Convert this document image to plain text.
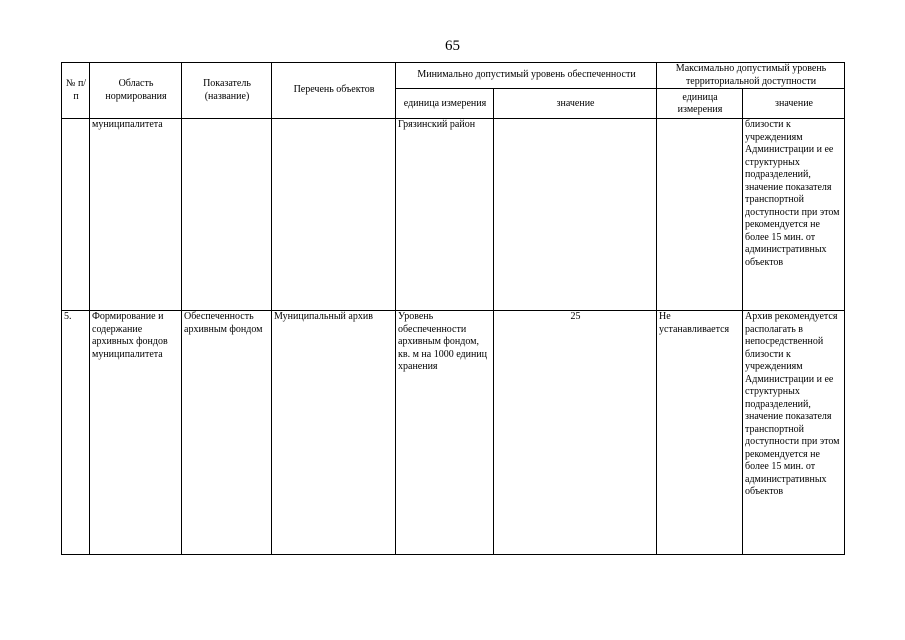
65
№ п/п	Область нормирования	Показатель (название)	Перечень объектов	Минимально допустимый уровень обеспеченности		Максимально допустимый уровень территориальной доступности	
				единица измерения	значение	единица измерения	значение
	муниципалитета			Грязинский район			близости к учреждениям Администрации и ее структурных подразделений, значение показателя транспортной доступности при этом рекомендуется не более 15 мин. от административных объектов
5.	Формирование и содержание архивных фондов муниципалитета	Обеспеченность архивным фондом	Муниципальный архив	Уровень обеспеченности архивным фондом, кв. м на 1000 единиц хранения	25	Не устанавливается	Архив рекомендуется располагать в непосредственной близости к учреждениям Администрации и ее структурных подразделений, значение показателя транспортной доступности при этом рекомендуется не более 15 мин. от административных объектов
